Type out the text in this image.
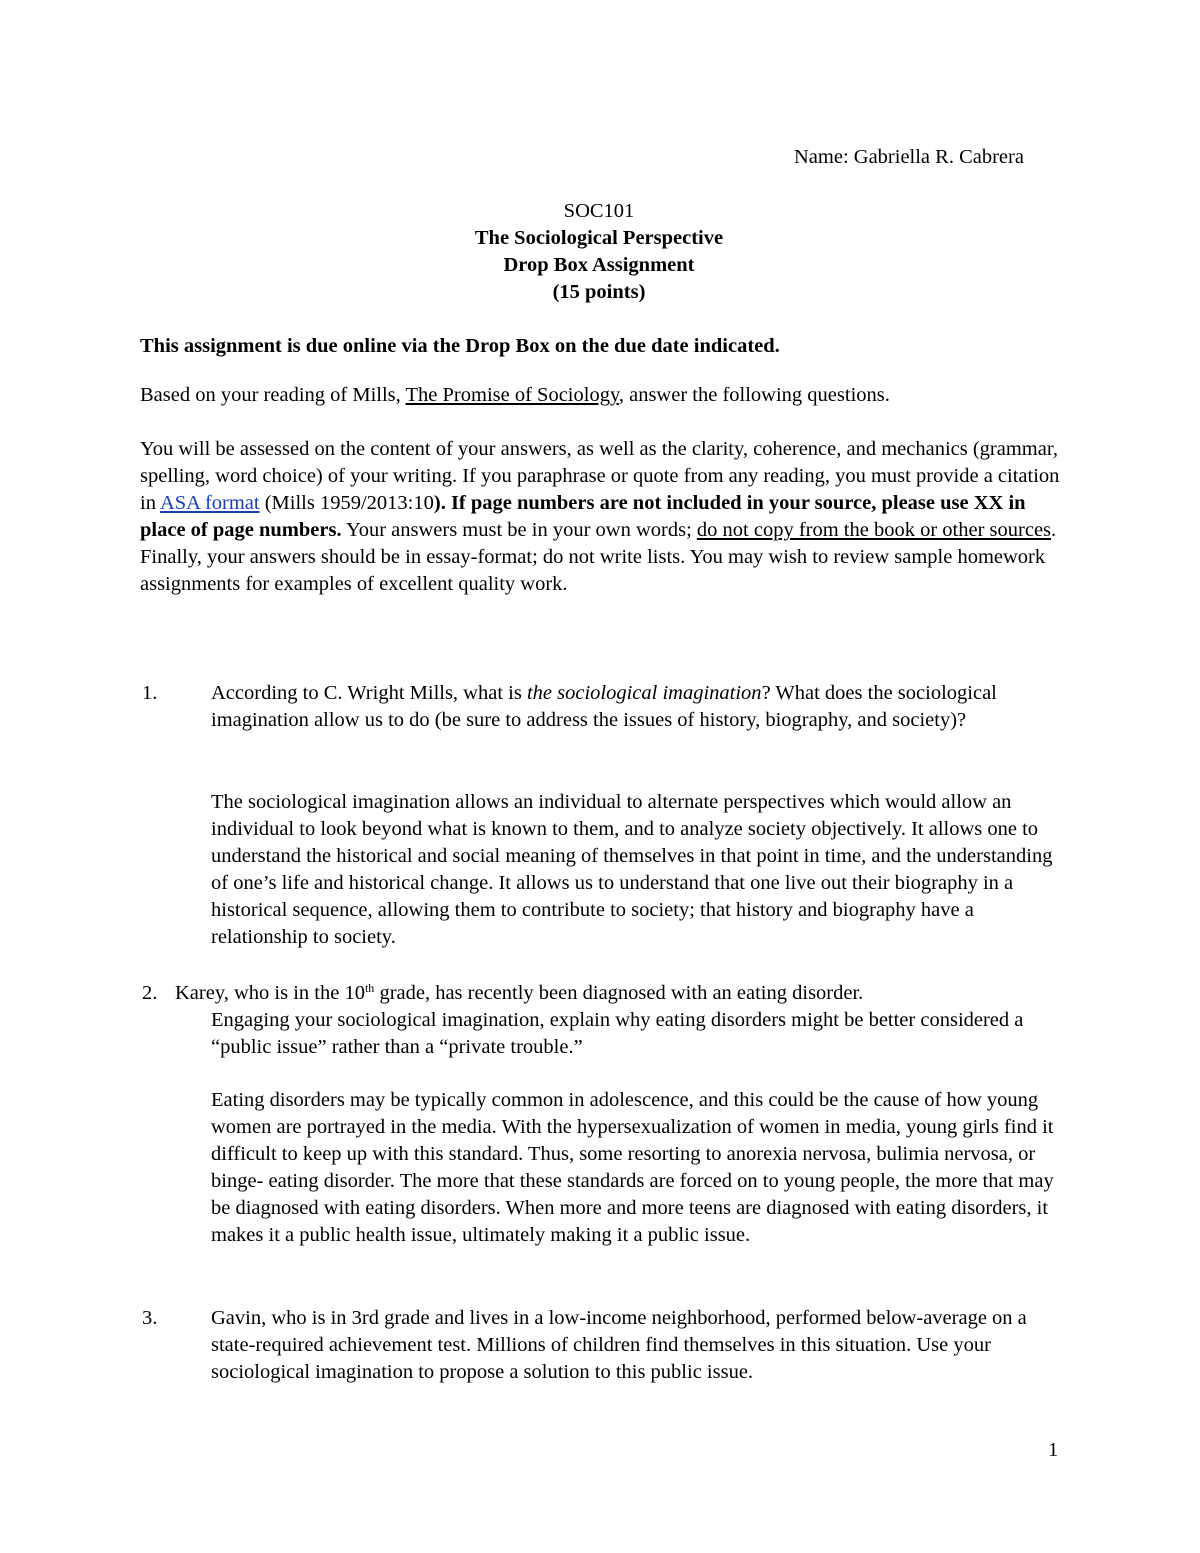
Name: Gabriella R. Cabrera
SOC101
The Sociological Perspective
Drop Box Assignment
(15 points)
This assignment is due online via the Drop Box on the due date indicated.
Based on your reading of Mills, The Promise of Sociology, answer the following questions.
You will be assessed on the content of your answers, as well as the clarity, coherence, and mechanics (grammar, spelling, word choice) of your writing. If you paraphrase or quote from any reading, you must provide a citation in ASA format (Mills 1959/2013:10). If page numbers are not included in your source, please use XX in place of page numbers. Your answers must be in your own words; do not copy from the book or other sources. Finally, your answers should be in essay-format; do not write lists. You may wish to review sample homework assignments for examples of excellent quality work.
1.	According to C. Wright Mills, what is the sociological imagination? What does the sociological imagination allow us to do (be sure to address the issues of history, biography, and society)?
The sociological imagination allows an individual to alternate perspectives which would allow an individual to look beyond what is known to them, and to analyze society objectively. It allows one to understand the historical and social meaning of themselves in that point in time, and the understanding of one’s life and historical change. It allows us to understand that one live out their biography in a historical sequence, allowing them to contribute to society; that history and biography have a relationship to society.
2. Karey, who is in the 10th grade, has recently been diagnosed with an eating disorder.
Engaging your sociological imagination, explain why eating disorders might be better considered a “public issue” rather than a “private trouble.”
Eating disorders may be typically common in adolescence, and this could be the cause of how young women are portrayed in the media. With the hypersexualization of women in media, young girls find it difficult to keep up with this standard. Thus, some resorting to anorexia nervosa, bulimia nervosa, or binge- eating disorder. The more that these standards are forced on to young people, the more that may be diagnosed with eating disorders. When more and more teens are diagnosed with eating disorders, it makes it a public health issue, ultimately making it a public issue.
3.	Gavin, who is in 3rd grade and lives in a low-income neighborhood, performed below-average on a state-required achievement test. Millions of children find themselves in this situation. Use your sociological imagination to propose a solution to this public issue.
1
